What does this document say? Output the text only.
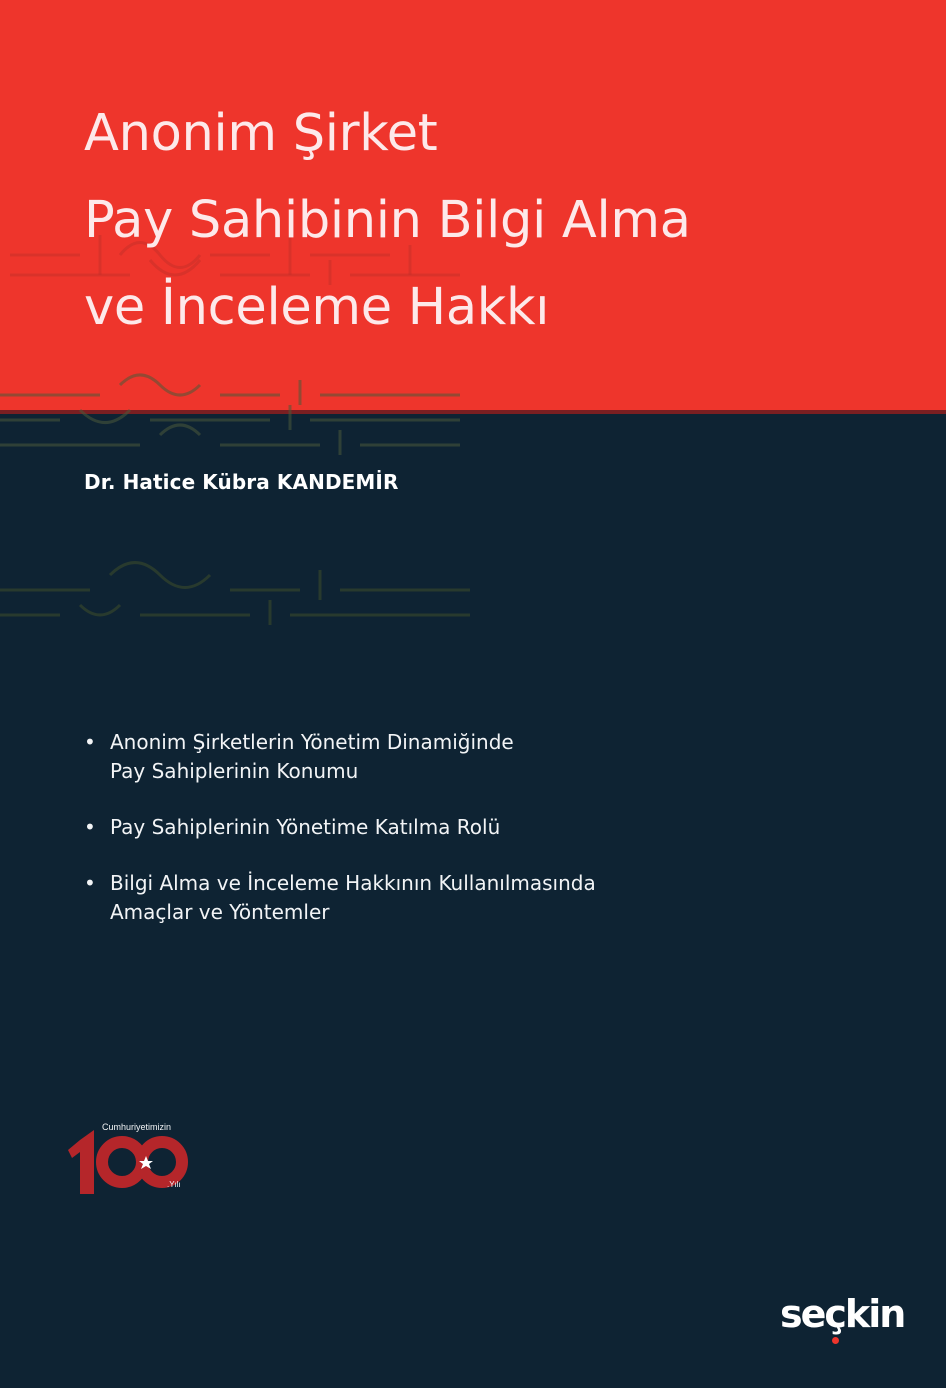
Anonim Şirket
Pay Sahibinin Bilgi Alma
ve İnceleme Hakkı
Dr. Hatice Kübra KANDEMİR
• Anonim Şirketlerin Yönetim Dinamiğinde
Pay Sahiplerinin Konumu
• Pay Sahiplerinin Yönetime Katılma Rolü
• Bilgi Alma ve İnceleme Hakkının Kullanılmasında
Amaçlar ve Yöntemler
Cumhuriyetimizin
.Yılı
seçkin
